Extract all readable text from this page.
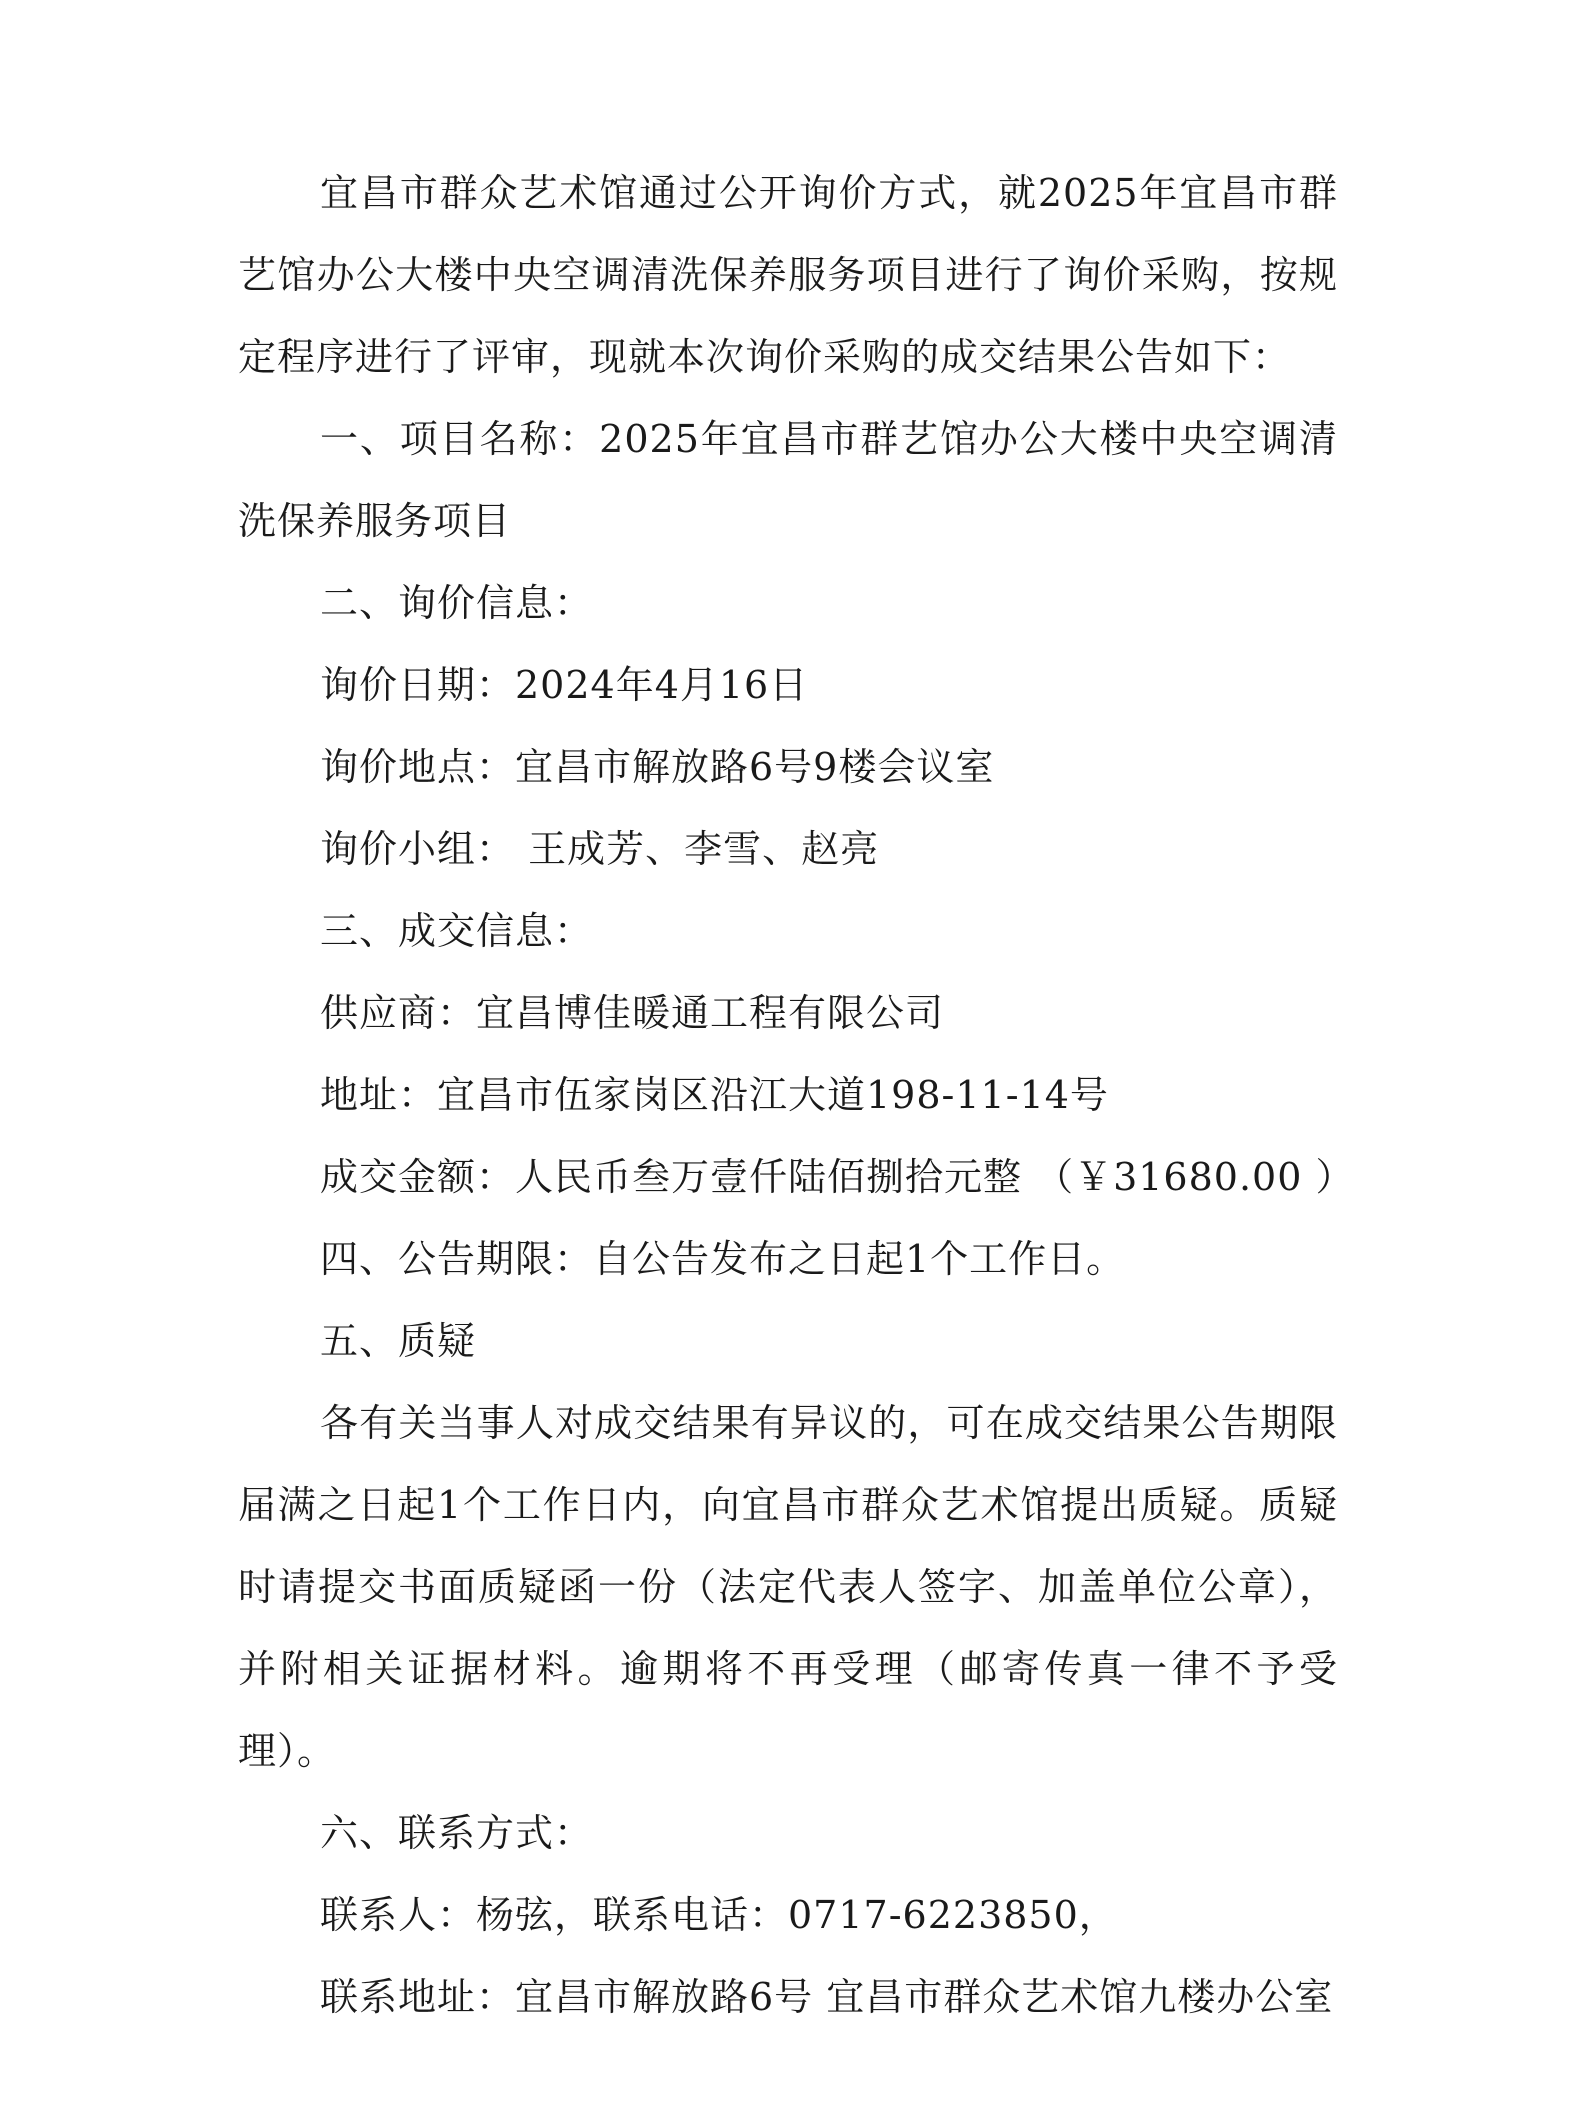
宜昌市群众艺术馆通过公开询价方式，就2025年宜昌市群艺馆办公大楼中央空调清洗保养服务项目进行了询价采购，按规定程序进行了评审，现就本次询价采购的成交结果公告如下：

一、项目名称：2025年宜昌市群艺馆办公大楼中央空调清洗保养服务项目

二、询价信息：

询价日期：2024年4月16日

询价地点：宜昌市解放路6号9楼会议室

询价小组： 王成芳、李雪、赵亮

三、成交信息：

供应商：宜昌博佳暖通工程有限公司

地址：宜昌市伍家岗区沿江大道198-11-14号

成交金额：人民币叁万壹仟陆佰捌拾元整 （￥31680.00 ）

四、公告期限：自公告发布之日起1个工作日。

五、质疑

各有关当事人对成交结果有异议的，可在成交结果公告期限届满之日起1个工作日内，向宜昌市群众艺术馆提出质疑。质疑时请提交书面质疑函一份（法定代表人签字、加盖单位公章），并附相关证据材料。逾期将不再受理（邮寄传真一律不予受理）。

六、联系方式：

联系人：杨弦，联系电话：0717-6223850，

联系地址：宜昌市解放路6号 宜昌市群众艺术馆九楼办公室
